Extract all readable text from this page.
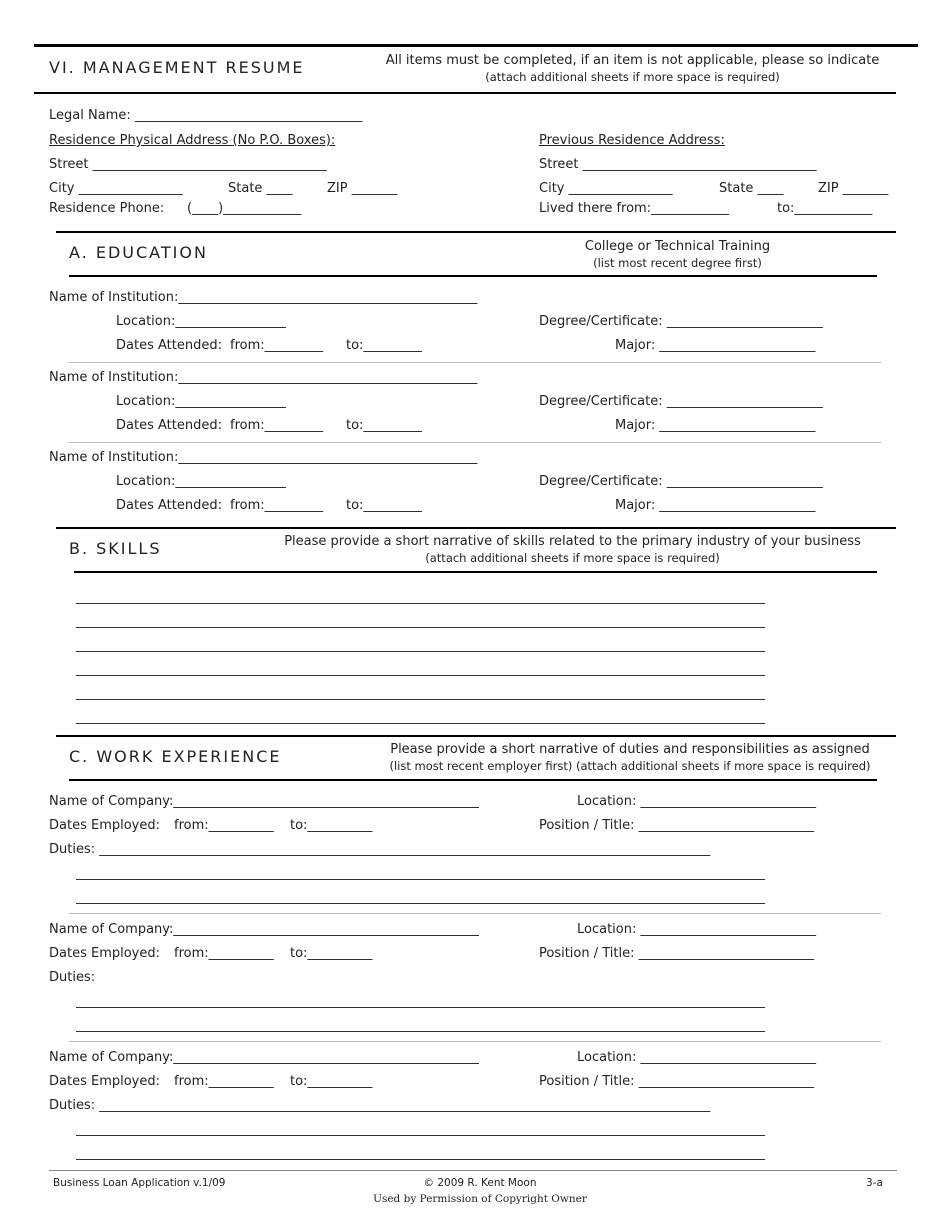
VI. MANAGEMENT RESUME	All items must be completed, if an item is not applicable, please so indicate
(attach additional sheets if more space is required)
Legal Name: ___________________________________
Residence Physical Address (No P.O. Boxes):	Previous Residence Address:
Street ____________________________________	Street ____________________________________
City ________________	State ____	ZIP _______	City ________________	State ____	ZIP _______
Residence Phone: (____)____________	Lived there from:____________	to:____________
A. EDUCATION	College or Technical Training
(list most recent degree first)
Name of Institution:______________________________________________
Location:_________________
Dates Attended: from:_________ to:_________
Degree/Certificate: ________________________
Major: ________________________
Name of Institution:______________________________________________
Location:_________________
Dates Attended: from:_________ to:_________
Degree/Certificate: ________________________
Major: ________________________
Name of Institution:______________________________________________
Location:_________________
Dates Attended: from:_________ to:_________
Degree/Certificate: ________________________
Major: ________________________
B. SKILLS	Please provide a short narrative of skills related to the primary industry of your business
(attach additional sheets if more space is required)
__________________________________________________________________________________________________________
__________________________________________________________________________________________________________
__________________________________________________________________________________________________________
__________________________________________________________________________________________________________
__________________________________________________________________________________________________________
__________________________________________________________________________________________________________
C. WORK EXPERIENCE	Please provide a short narrative of duties and responsibilities as assigned
(list most recent employer first) (attach additional sheets if more space is required)
Name of Company:_______________________________________________	Location: ___________________________
Dates Employed: from:__________ to:__________	Position / Title: ___________________________
Duties: ______________________________________________________________________________________________
__________________________________________________________________________________________________________
__________________________________________________________________________________________________________
Name of Company:_______________________________________________	Location: ___________________________
Dates Employed: from:__________ to:__________	Position / Title: ___________________________
Duties:
__________________________________________________________________________________________________________
__________________________________________________________________________________________________________
Name of Company:_______________________________________________	Location: ___________________________
Dates Employed: from:__________ to:__________	Position / Title: ___________________________
Duties: ______________________________________________________________________________________________
__________________________________________________________________________________________________________
__________________________________________________________________________________________________________
Business Loan Application v.1/09	© 2009 R. Kent Moon
Used by Permission of Copyright Owner
3-a
